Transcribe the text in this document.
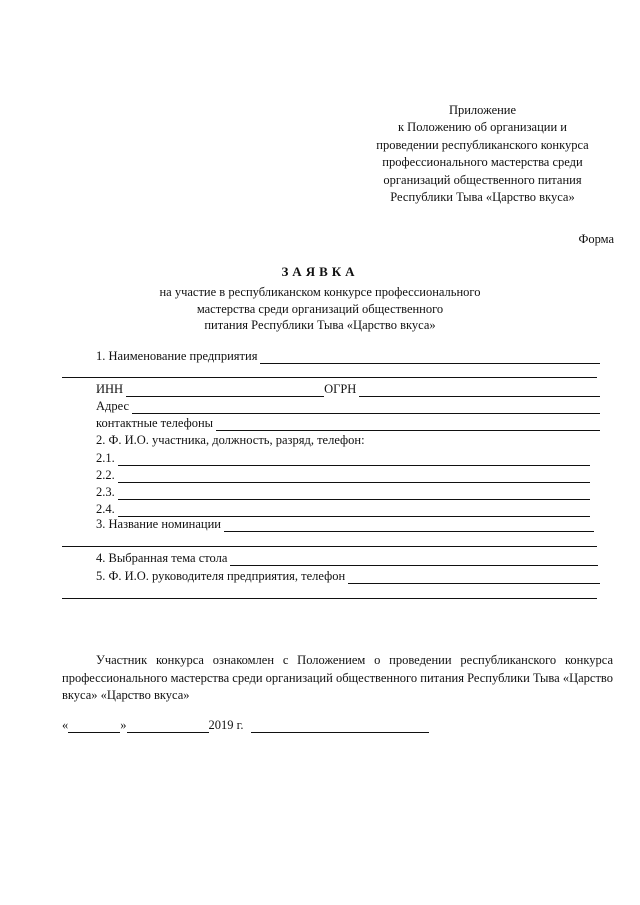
Приложение
к Положению об организации и
проведении республиканского конкурса
профессионального мастерства среди
организаций общественного питания
Республики Тыва «Царство вкуса»
Форма
ЗАЯВКА
на участие в республиканском конкурсе профессионального
мастерства среди организаций общественного
питания Республики Тыва «Царство вкуса»
1. Наименование предприятия
ИНН	ОГРН
Адрес
контактные телефоны
2. Ф. И.О. участника, должность, разряд, телефон:
2.1.
2.2.
2.3.
2.4.
3. Название номинации
4. Выбранная тема стола
5. Ф. И.О. руководителя предприятия, телефон
Участник конкурса ознакомлен с Положением о проведении республиканского конкурса профессионального мастерства среди организаций общественного питания Республики Тыва «Царство вкуса» «Царство вкуса»
«	»	2019 г.
